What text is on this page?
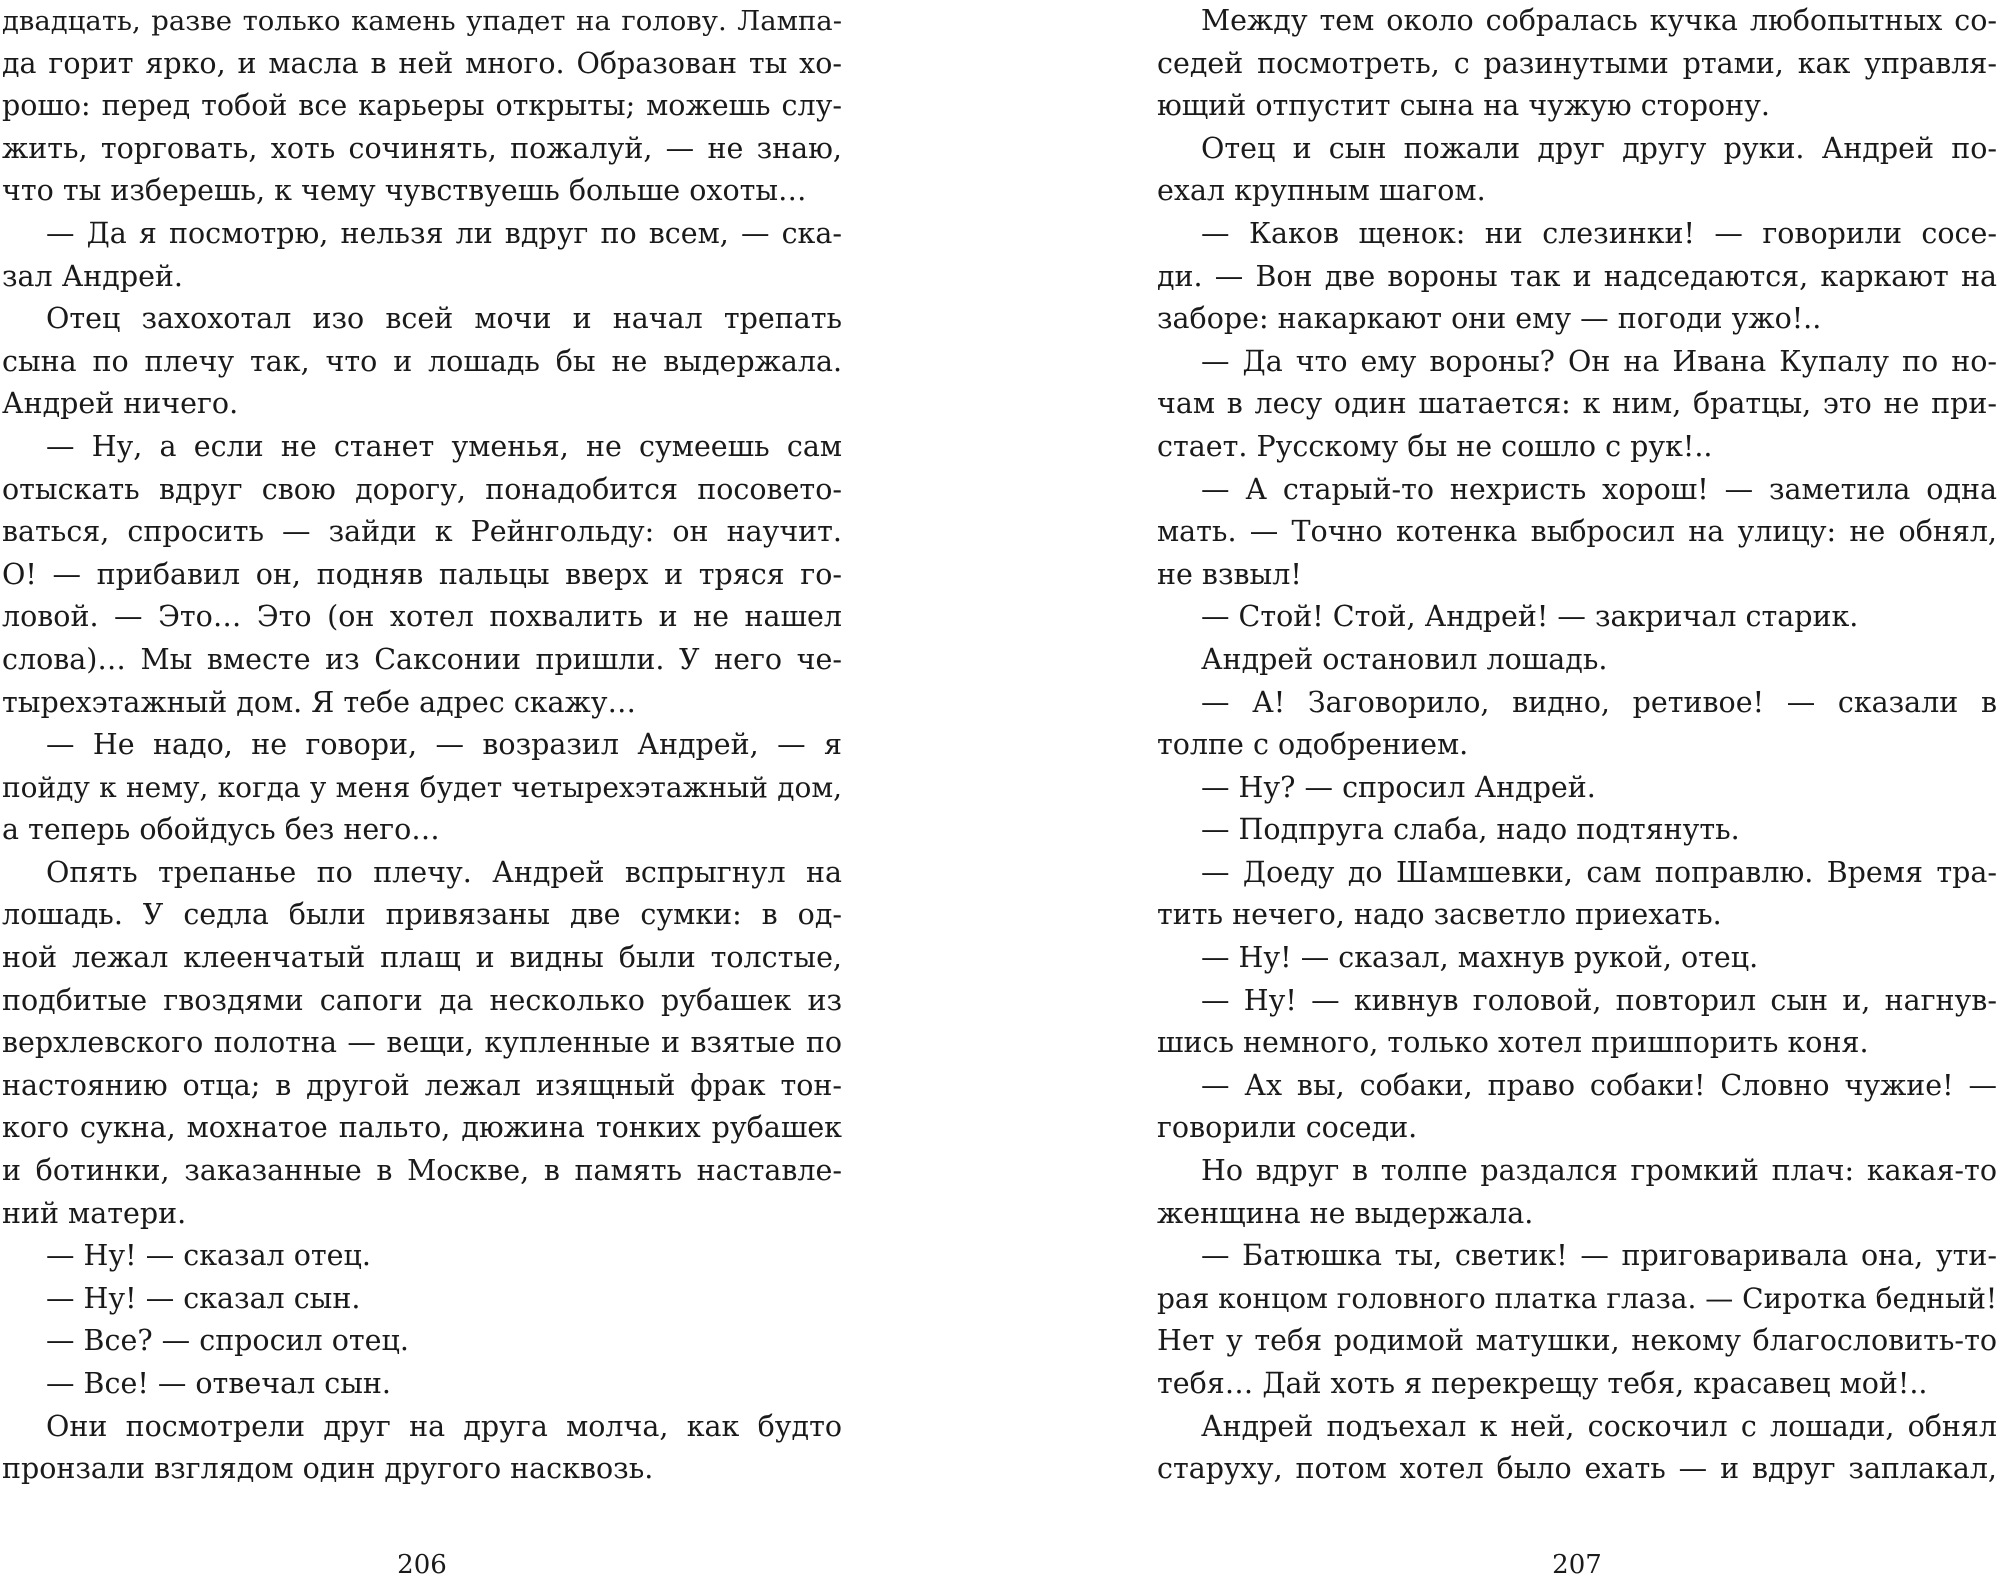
двадцать, разве только камень упадет на голову. Лампа-
да горит ярко, и масла в ней много. Образован ты хо-
рошо: перед тобой все карьеры открыты; можешь слу-
жить, торговать, хоть сочинять, пожалуй, — не знаю,
что ты изберешь, к чему чувствуешь больше охоты…
— Да я посмотрю, нельзя ли вдруг по всем, — ска-
зал Андрей.
Отец захохотал изо всей мочи и начал трепать
сына по плечу так, что и лошадь бы не выдержала.
Андрей ничего.
— Ну, а если не станет уменья, не сумеешь сам
отыскать вдруг свою дорогу, понадобится посовето-
ваться, спросить — зайди к Рейнгольду: он научит.
О! — прибавил он, подняв пальцы вверх и тряся го-
ловой. — Это… Это (он хотел похвалить и не нашел
слова)… Мы вместе из Саксонии пришли. У него че-
тырехэтажный дом. Я тебе адрес скажу…
— Не надо, не говори, — возразил Андрей, — я
пойду к нему, когда у меня будет четырехэтажный дом,
а теперь обойдусь без него…
Опять трепанье по плечу. Андрей вспрыгнул на
лошадь. У седла были привязаны две сумки: в од-
ной лежал клеенчатый плащ и видны были толстые,
подбитые гвоздями сапоги да несколько рубашек из
верхлевского полотна — вещи, купленные и взятые по
настоянию отца; в другой лежал изящный фрак тон-
кого сукна, мохнатое пальто, дюжина тонких рубашек
и ботинки, заказанные в Москве, в память наставле-
ний матери.
— Ну! — сказал отец.
— Ну! — сказал сын.
— Все? — спросил отец.
— Все! — отвечал сын.
Они посмотрели друг на друга молча, как будто
пронзали взглядом один другого насквозь.
206
Между тем около собралась кучка любопытных со-
седей посмотреть, с разинутыми ртами, как управля-
ющий отпустит сына на чужую сторону.
Отец и сын пожали друг другу руки. Андрей по-
ехал крупным шагом.
— Каков щенок: ни слезинки! — говорили сосе-
ди. — Вон две вороны так и надседаются, каркают на
заборе: накаркают они ему — погоди ужо!..
— Да что ему вороны? Он на Ивана Купалу по но-
чам в лесу один шатается: к ним, братцы, это не при-
стает. Русскому бы не сошло с рук!..
— А старый-то нехристь хорош! — заметила одна
мать. — Точно котенка выбросил на улицу: не обнял,
не взвыл!
— Стой! Стой, Андрей! — закричал старик.
Андрей остановил лошадь.
— А! Заговорило, видно, ретивое! — сказали в
толпе с одобрением.
— Ну? — спросил Андрей.
— Подпруга слаба, надо подтянуть.
— Доеду до Шамшевки, сам поправлю. Время тра-
тить нечего, надо засветло приехать.
— Ну! — сказал, махнув рукой, отец.
— Ну! — кивнув головой, повторил сын и, нагнув-
шись немного, только хотел пришпорить коня.
— Ах вы, собаки, право собаки! Словно чужие! —
говорили соседи.
Но вдруг в толпе раздался громкий плач: какая-то
женщина не выдержала.
— Батюшка ты, светик! — приговаривала она, ути-
рая концом головного платка глаза. — Сиротка бедный!
Нет у тебя родимой матушки, некому благословить-то
тебя… Дай хоть я перекрещу тебя, красавец мой!..
Андрей подъехал к ней, соскочил с лошади, обнял
старуху, потом хотел было ехать — и вдруг заплакал,
207
